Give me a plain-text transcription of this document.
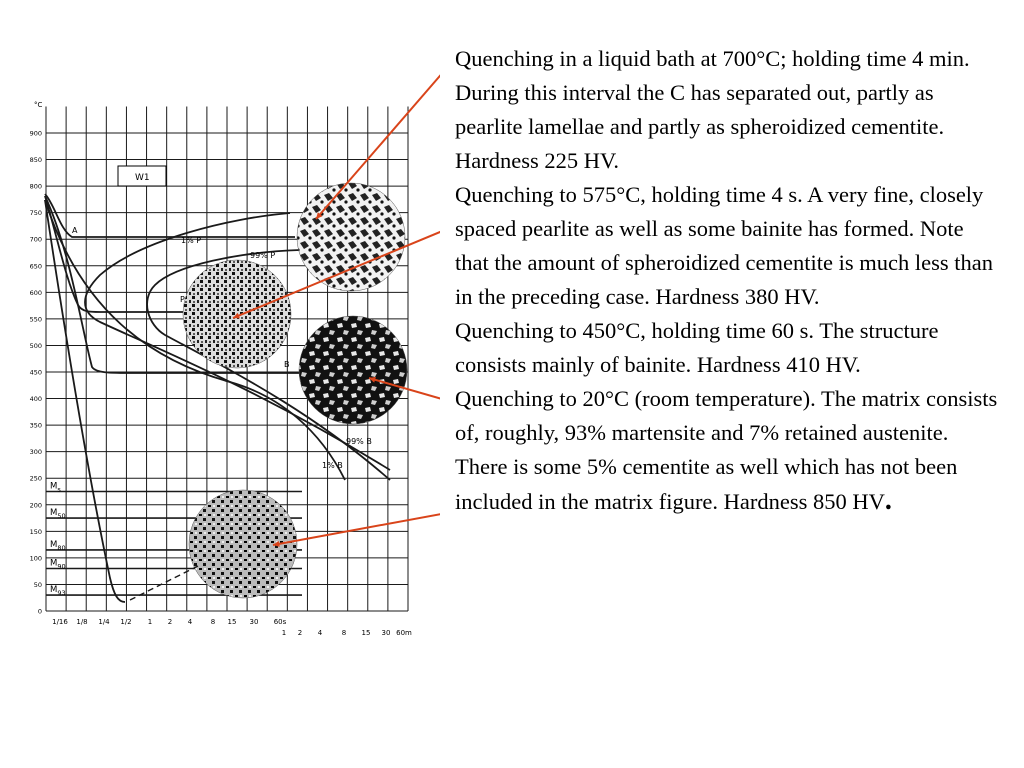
0
50
100
150
200
250
300
350
400
450
500
550
600
650
700
750
800
850
900
1/16 1/8 1/4 1/2 1 2 4	8 15 30 60s
1 2 4	8 15 30 60m
°C
W1
A
B
P
1% P
99% P
99% B
1% B
$M_s$
$M_{50}$
$M_{80}$
$M_{90}$
$M_{93}$

Quenching in a liquid bath at 700°C; holding time 4 min. During this interval the C has separated out, partly as pearlite lamellae and partly as spheroidized cementite. Hardness 225 HV.

Quenching to 575°C, holding time 4 s. A very fine, closely spaced pearlite as well as some bainite has formed. Note that the amount of spheroidized cementite is much less than in the preceding case. Hardness 380 HV.

Quenching to 450°C, holding time 60 s. The structure consists mainly of bainite. Hardness 410 HV.

Quenching to 20°C (room temperature). The matrix consists of, roughly, 93% martensite and 7% retained austenite. There is some 5% cementite as well which has not been included in the matrix figure. Hardness 850 HV.
